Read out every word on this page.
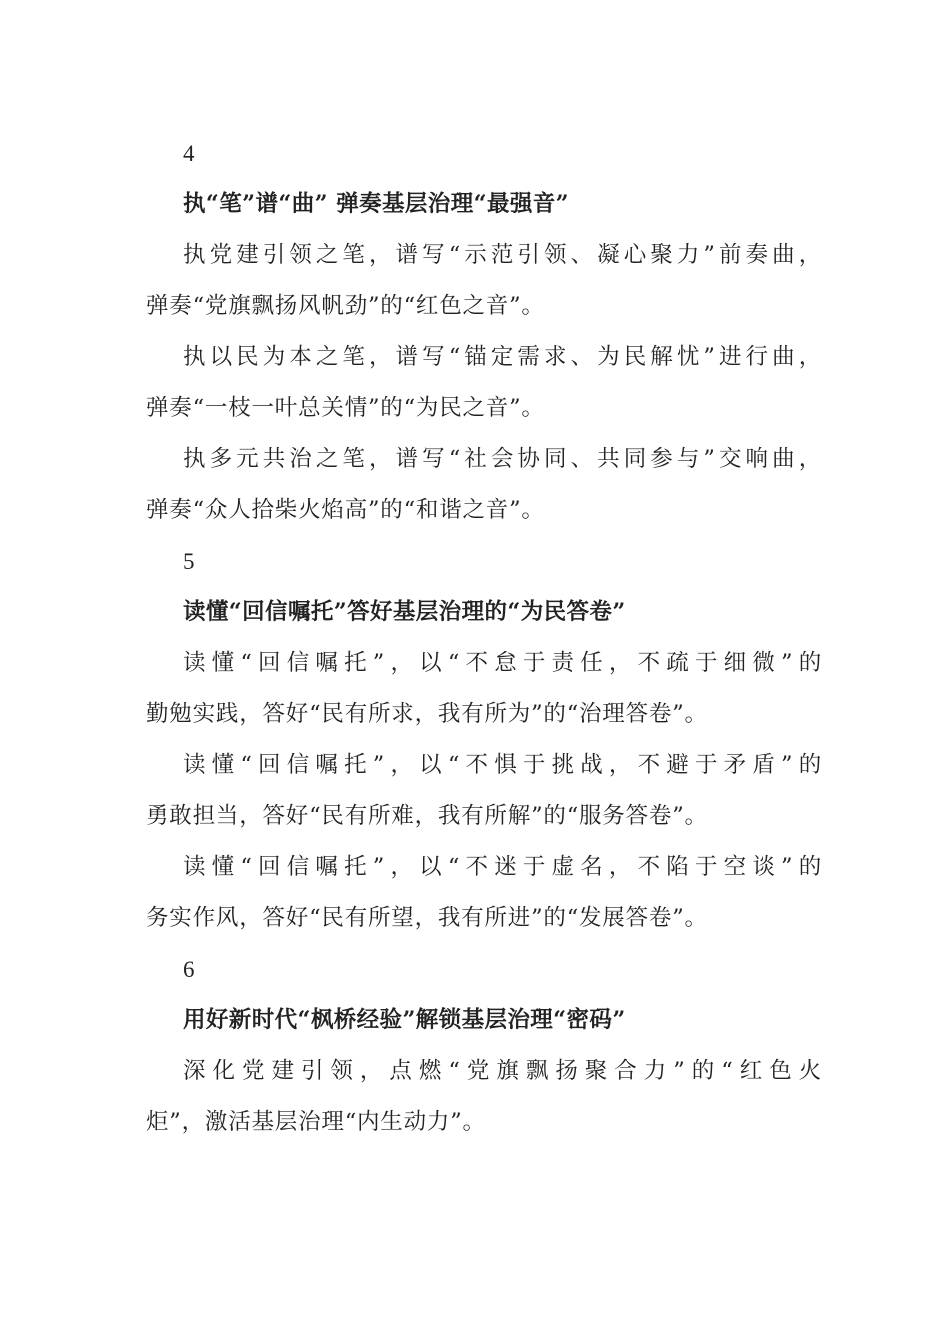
4
执“笔”谱“曲” 弹奏基层治理“最强音”
执党建引领之笔，谱写“示范引领、凝心聚力”前奏曲，
弹奏“党旗飘扬风帆劲”的“红色之音”。
执以民为本之笔，谱写“锚定需求、为民解忧”进行曲，
弹奏“一枝一叶总关情”的“为民之音”。
执多元共治之笔，谱写“社会协同、共同参与”交响曲，
弹奏“众人拾柴火焰高”的“和谐之音”。
5
读懂“回信嘱托”答好基层治理的“为民答卷”
读懂“回信嘱托”，以“不怠于责任，不疏于细微”的
勤勉实践，答好“民有所求，我有所为”的“治理答卷”。
读懂“回信嘱托”，以“不惧于挑战，不避于矛盾”的
勇敢担当，答好“民有所难，我有所解”的“服务答卷”。
读懂“回信嘱托”，以“不迷于虚名，不陷于空谈”的
务实作风，答好“民有所望，我有所进”的“发展答卷”。
6
用好新时代“枫桥经验”解锁基层治理“密码”
深化党建引领，点燃“党旗飘扬聚合力”的“红色火
炬”，激活基层治理“内生动力”。
